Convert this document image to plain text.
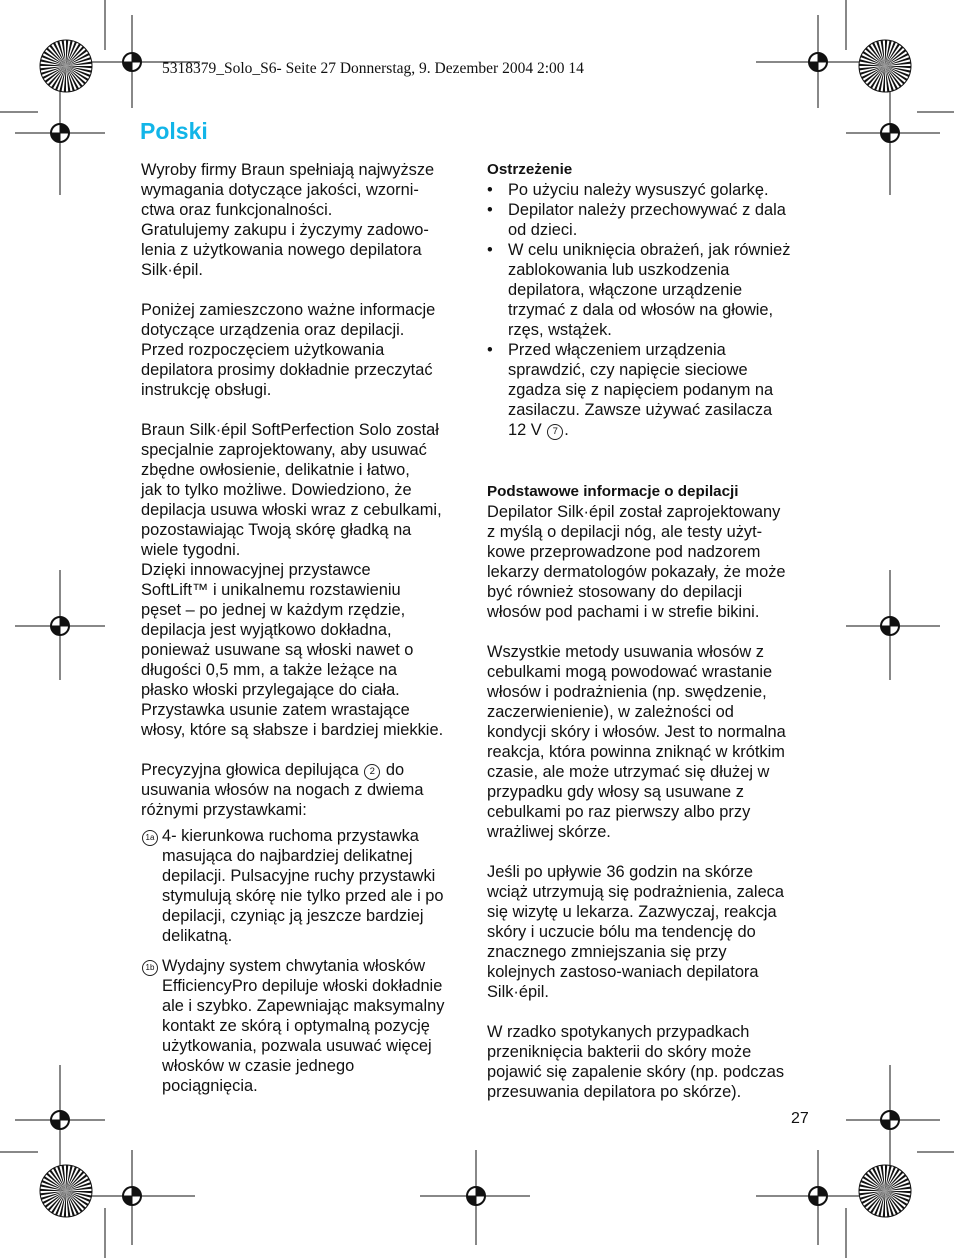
5318379_Solo_S6- Seite 27 Donnerstag, 9. Dezember 2004 2:00 14
Polski

Wyroby firmy Braun spełniają najwyższe
wymagania dotyczące jakości, wzorni-
ctwa oraz funkcjonalności.
Gratulujemy zakupu i życzymy zadowo-
lenia z użytkowania nowego depilatora
Silk·épil.

Poniżej zamieszczono ważne informacje
dotyczące urządzenia oraz depilacji.
Przed rozpoczęciem użytkowania
depilatora prosimy dokładnie przeczytać
instrukcję obsługi.

Braun Silk·épil SoftPerfection Solo został
specjalnie zaprojektowany, aby usuwać
zbędne owłosienie, delikatnie i łatwo,
jak to tylko możliwe. Dowiedziono, że
depilacja usuwa włoski wraz z cebulkami,
pozostawiając Twoją skórę gładką na
wiele tygodni.
Dzięki innowacyjnej przystawce
SoftLift™ i unikalnemu rozstawieniu
pęset – po jednej w każdym rzędzie,
depilacja jest wyjątkowo dokładna,
ponieważ usuwane są włoski nawet o
długości 0,5 mm, a także leżące na
płasko włoski przylegające do ciała.
Przystawka usunie zatem wrastające
włosy, które są słabsze i bardziej miekkie.

Precyzyjna głowica depilująca 2 do
usuwania włosów na nogach z dwiema
różnymi przystawkami:

1a 4- kierunkowa ruchoma przystawka
masująca do najbardziej delikatnej
depilacji. Pulsacyjne ruchy przystawki
stymulują skórę nie tylko przed ale i po
depilacji, czyniąc ją jeszcze bardziej
delikatną.
1b Wydajny system chwytania włosków
EfficiencyPro depiluje włoski dokładnie
ale i szybko. Zapewniając maksymalny
kontakt ze skórą i optymalną pozycję
użytkowania, pozwala usuwać więcej
włosków w czasie jednego
pociągnięcia.

Ostrzeżenie

• Po użyciu należy wysuszyć golarkę.
• Depilator należy przechowywać z dala
od dzieci.
• W celu uniknięcia obrażeń, jak również
zablokowania lub uszkodzenia
depilatora, włączone urządzenie
trzymać z dala od włosów na głowie,
rzęs, wstążek.
• Przed włączeniem urządzenia
sprawdzić, czy napięcie sieciowe
zgadza się z napięciem podanym na
zasilaczu. Zawsze używać zasilacza
12 V 7 .

Podstawowe informacje o depilacji

Depilator Silk·épil został zaprojektowany
z myślą o depilacji nóg, ale testy użyt-
kowe przeprowadzone pod nadzorem
lekarzy dermatologów pokazały, że może
być również stosowany do depilacji
włosów pod pachami i w strefie bikini.

Wszystkie metody usuwania włosów z
cebulkami mogą powodować wrastanie
włosów i podrażnienia (np. swędzenie,
zaczerwienienie), w zależności od
kondycji skóry i włosów. Jest to normalna
reakcja, która powinna zniknąć w krótkim
czasie, ale może utrzymać się dłużej w
przypadku gdy włosy są usuwane z
cebulkami po raz pierwszy albo przy
wrażliwej skórze.

Jeśli po upływie 36 godzin na skórze
wciąż utrzymują się podrażnienia, zaleca
się wizytę u lekarza. Zazwyczaj, reakcja
skóry i uczucie bólu ma tendencję do
znacznego zmniejszania się przy
kolejnych zastoso-waniach depilatora
Silk·épil.

W rzadko spotykanych przypadkach
przeniknięcia bakterii do skóry może
pojawić się zapalenie skóry (np. podczas
przesuwania depilatora po skórze).

27
